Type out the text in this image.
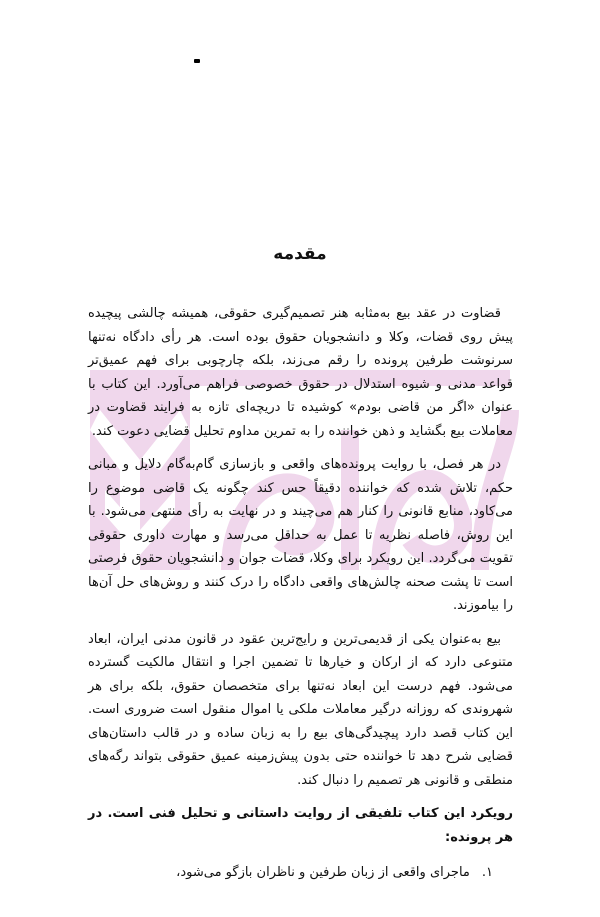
مقدمه

قضاوت در عقد بیع به‌مثابه هنر تصمیم‌گیری حقوقی، همیشه چالشی پیچیده پیش روی قضات، وکلا و دانشجویان حقوق بوده است. هر رأی دادگاه نه‌تنها سرنوشت طرفین پرونده را رقم می‌زند، بلکه چارچوبی برای فهم عمیق‌تر قواعد مدنی و شیوه استدلال در حقوق خصوصی فراهم می‌آورد. این کتاب با عنوان «اگر من قاضی بودم» کوشیده تا دریچه‌ای تازه به فرایند قضاوت در معاملات بیع بگشاید و ذهن خواننده را به تمرین مداوم تحلیل قضایی دعوت کند.

در هر فصل، با روایت پرونده‌های واقعی و بازسازی گام‌به‌گام دلایل و مبانی حکم، تلاش شده که خواننده دقیقاً حس کند چگونه یک قاضی موضوع را می‌کاود، منابع قانونی را کنار هم می‌چیند و در نهایت به رأی منتهی می‌شود. با این روش، فاصله نظریه تا عمل به حداقل می‌رسد و مهارت داوری حقوقی تقویت می‌گردد. این رویکرد برای وکلا، قضات جوان و دانشجویان حقوق فرصتی است تا پشت صحنه چالش‌های واقعی دادگاه را درک کنند و روش‌های حل آن‌ها را بیاموزند.

بیع به‌عنوان یکی از قدیمی‌ترین و رایج‌ترین عقود در قانون مدنی ایران، ابعاد متنوعی دارد که از ارکان و خیارها تا تضمین اجرا و انتقال مالکیت گسترده می‌شود. فهم درست این ابعاد نه‌تنها برای متخصصان حقوق، بلکه برای هر شهروندی که روزانه درگیر معاملات ملکی یا اموال منقول است ضروری است. این کتاب قصد دارد پیچیدگی‌های بیع را به زبان ساده و در قالب داستان‌های قضایی شرح دهد تا خواننده حتی بدون پیش‌زمینه عمیق حقوقی بتواند رگه‌های منطقی و قانونی هر تصمیم را دنبال کند.

رویکرد این کتاب تلفیقی از روایت داستانی و تحلیل فنی است. در هر پرونده:

۱.
ماجرای واقعی از زبان طرفین و ناظران بازگو می‌شود،
